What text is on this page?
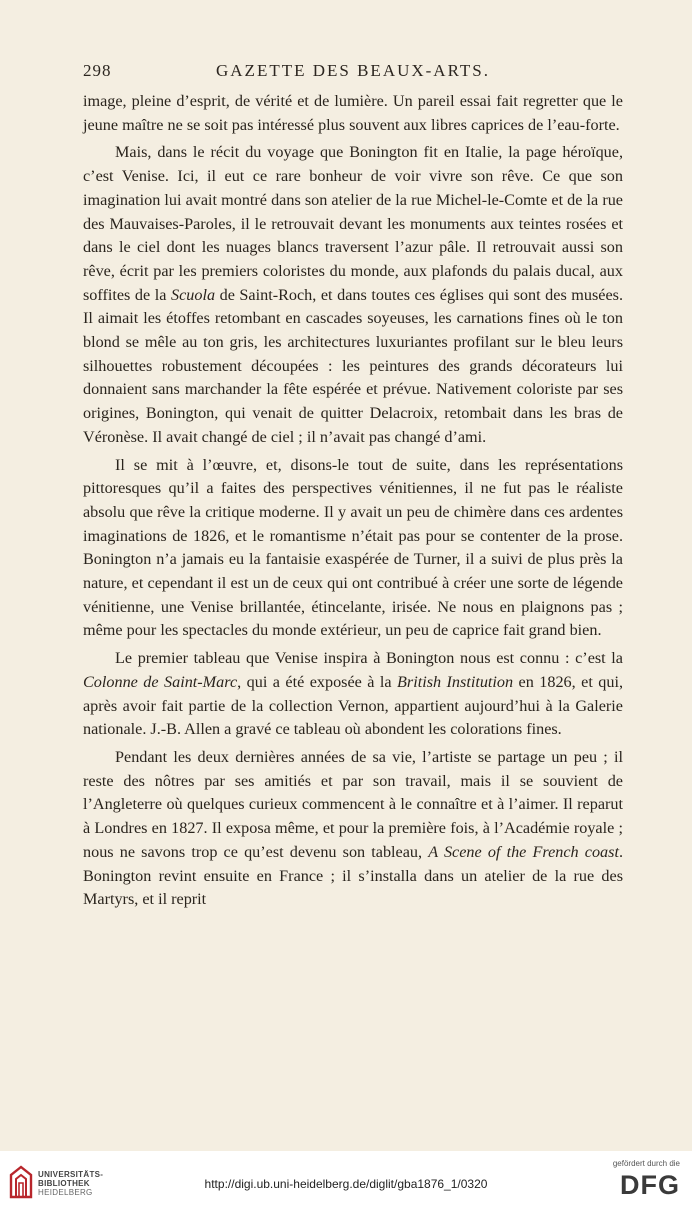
298	GAZETTE DES BEAUX-ARTS.

image, pleine d’esprit, de vérité et de lumière. Un pareil essai fait regretter que le jeune maître ne se soit pas intéressé plus souvent aux libres caprices de l’eau-forte.

Mais, dans le récit du voyage que Bonington fit en Italie, la page héroïque, c’est Venise. Ici, il eut ce rare bonheur de voir vivre son rêve. Ce que son imagination lui avait montré dans son atelier de la rue Michel-le-Comte et de la rue des Mauvaises-Paroles, il le retrouvait devant les monuments aux teintes rosées et dans le ciel dont les nuages blancs traversent l’azur pâle. Il retrouvait aussi son rêve, écrit par les premiers coloristes du monde, aux plafonds du palais ducal, aux soffites de la Scuola de Saint-Roch, et dans toutes ces églises qui sont des musées. Il aimait les étoffes retombant en cascades soyeuses, les carnations fines où le ton blond se mêle au ton gris, les architectures luxuriantes profilant sur le bleu leurs silhouettes robustement découpées : les peintures des grands décorateurs lui donnaient sans marchander la fête espérée et prévue. Nativement coloriste par ses origines, Bonington, qui venait de quitter Delacroix, retombait dans les bras de Véronèse. Il avait changé de ciel ; il n’avait pas changé d’ami.

Il se mit à l’œuvre, et, disons-le tout de suite, dans les représentations pittoresques qu’il a faites des perspectives vénitiennes, il ne fut pas le réaliste absolu que rêve la critique moderne. Il y avait un peu de chimère dans ces ardentes imaginations de 1826, et le romantisme n’était pas pour se contenter de la prose. Bonington n’a jamais eu la fantaisie exaspérée de Turner, il a suivi de plus près la nature, et cependant il est un de ceux qui ont contribué à créer une sorte de légende vénitienne, une Venise brillantée, étincelante, irisée. Ne nous en plaignons pas ; même pour les spectacles du monde extérieur, un peu de caprice fait grand bien.

Le premier tableau que Venise inspira à Bonington nous est connu : c’est la Colonne de Saint-Marc, qui a été exposée à la British Institution en 1826, et qui, après avoir fait partie de la collection Vernon, appartient aujourd’hui à la Galerie nationale. J.-B. Allen a gravé ce tableau où abondent les colorations fines.

Pendant les deux dernières années de sa vie, l’artiste se partage un peu ; il reste des nôtres par ses amitiés et par son travail, mais il se souvient de l’Angleterre où quelques curieux commencent à le connaître et à l’aimer. Il reparut à Londres en 1827. Il exposa même, et pour la première fois, à l’Académie royale ; nous ne savons trop ce qu’est devenu son tableau, A Scene of the French coast. Bonington revint ensuite en France ; il s’installa dans un atelier de la rue des Martyrs, et il reprit

UNIVERSITÄTS-
BIBLIOTHEK
HEIDELBERG
http://digi.ub.uni-heidelberg.de/diglit/gba1876_1/0320
gefördert durch die
DFG
